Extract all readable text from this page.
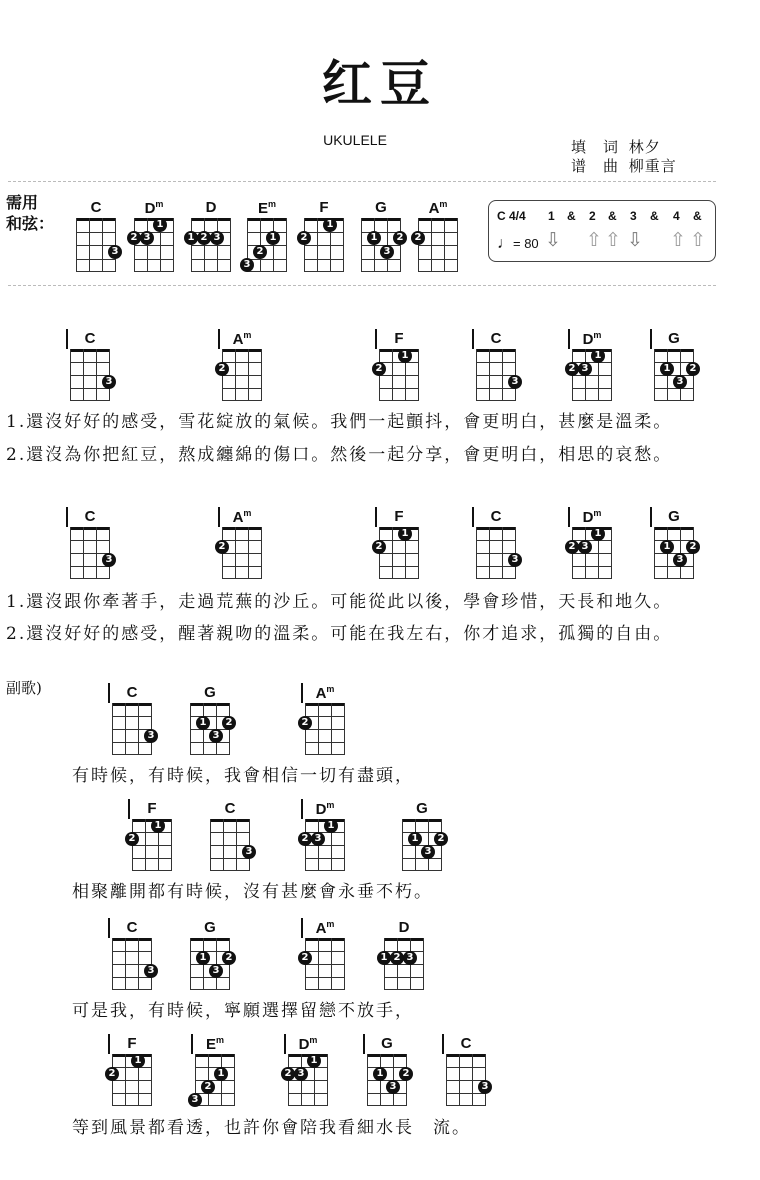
红豆
UKULELE	填　词 林夕
谱　曲 柳重言
需用
和弦：
C
3
$D^m$
2 3
1
D
1 2 3
$E^m$
3
2
1
F
2
1
G
1
3
2
$A^m$
2
C 4/4 1 & 2 & 3 & 4 &
♩= 80 ⇩ ⇧ ⇧ ⇩ ⇧ ⇧
C
3
$A^m$
2
F
2
1
C
3
$D^m$
2 3
1
G
1
3
2
1.還沒好好的感受，雪花綻放的氣候。我們一起顫抖，會更明白，甚麼是溫柔。
2.還沒為你把紅豆，熬成纏綿的傷口。然後一起分享，會更明白，相思的哀愁。
C
3
$A^m$
2
F
2
1
C
3
$D^m$
2 3
1
G
1
3
2
1.還沒跟你牽著手，走過荒蕪的沙丘。可能從此以後，學會珍惜，天長和地久。
2.還沒好好的感受，醒著親吻的溫柔。可能在我左右，你才追求，孤獨的自由。
副歌)	C
3
G
1
3
2
$A^m$
2
F
2
1
C
3
$D^m$
2 3
1
G
1
3
2
C
3
G
1
3
2
$A^m$
2
D
1 2 3
F
2
1
$E^m$
3
2
1
$D^m$
2 3
1
G
1
3
2
C
3
有時候，有時候，我會相信一切有盡頭，
相聚離開都有時候，沒有甚麼會永垂不朽。
可是我，有時候，寧願選擇留戀不放手，
等到風景都看透，也許你會陪我看細水長　流。
